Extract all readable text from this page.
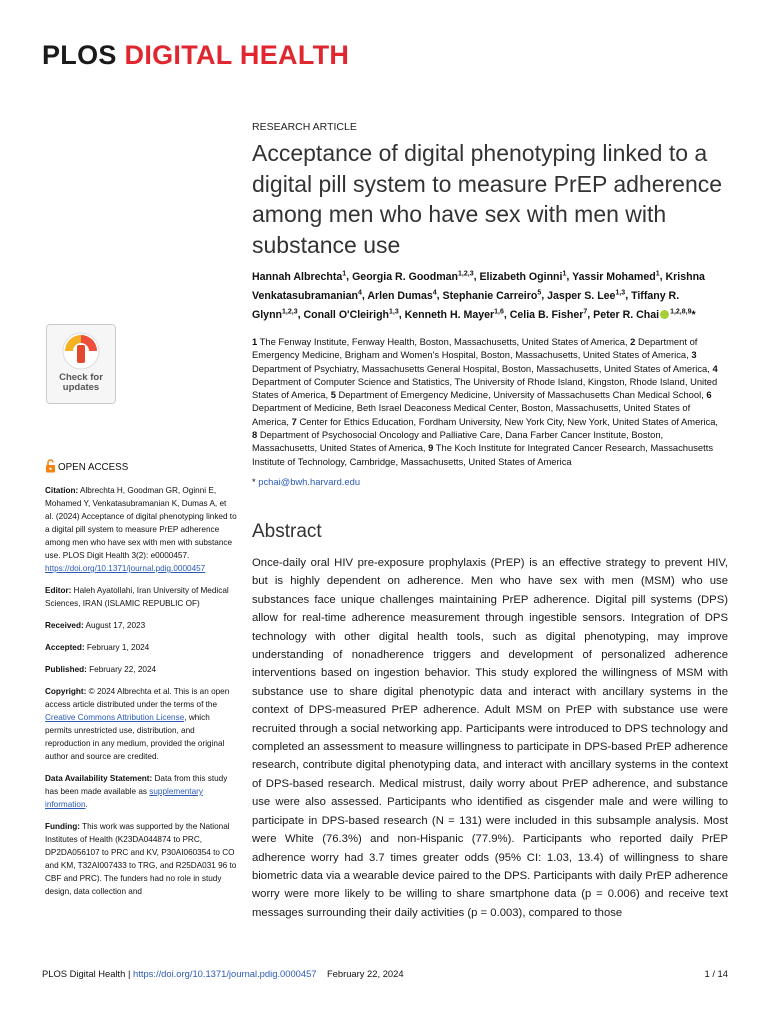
PLOS DIGITAL HEALTH
RESEARCH ARTICLE
Acceptance of digital phenotyping linked to a digital pill system to measure PrEP adherence among men who have sex with men with substance use
Hannah Albrechta$^1$, Georgia R. Goodman$^{1,2,3}$, Elizabeth Oginni$^1$, Yassir Mohamed$^1$, Krishna Venkatasubramanian$^4$, Arlen Dumas$^4$, Stephanie Carreiro$^5$, Jasper S. Lee$^{1,3}$, Tiffany R. Glynn$^{1,2,3}$, Conall O'Cleirigh$^{1,3}$, Kenneth H. Mayer$^{1,6}$, Celia B. Fisher$^7$, Peter R. Chai $^{1,2,8,9}$*
1 The Fenway Institute, Fenway Health, Boston, Massachusetts, United States of America, 2 Department of Emergency Medicine, Brigham and Women's Hospital, Boston, Massachusetts, United States of America, 3 Department of Psychiatry, Massachusetts General Hospital, Boston, Massachusetts, United States of America, 4 Department of Computer Science and Statistics, The University of Rhode Island, Kingston, Rhode Island, United States of America, 5 Department of Emergency Medicine, University of Massachusetts Chan Medical School, 6 Department of Medicine, Beth Israel Deaconess Medical Center, Boston, Massachusetts, United States of America, 7 Center for Ethics Education, Fordham University, New York City, New York, United States of America, 8 Department of Psychosocial Oncology and Palliative Care, Dana Farber Cancer Institute, Boston, Massachusetts, United States of America, 9 The Koch Institute for Integrated Cancer Research, Massachusetts Institute of Technology, Cambridge, Massachusetts, United States of America
* pchai@bwh.harvard.edu
Check for
updates
OPEN ACCESS

Citation: Albrechta H, Goodman GR, Oginni E, Mohamed Y, Venkatasubramanian K, Dumas A, et al. (2024) Acceptance of digital phenotyping linked to a digital pill system to measure PrEP adherence among men who have sex with men with substance use. PLOS Digit Health 3(2): e0000457. https://doi.org/10.1371/journal.pdig.0000457

Editor: Haleh Ayatollahi, Iran University of Medical Sciences, IRAN (ISLAMIC REPUBLIC OF)

Received: August 17, 2023

Accepted: February 1, 2024

Published: February 22, 2024

Copyright: © 2024 Albrechta et al. This is an open access article distributed under the terms of the Creative Commons Attribution License, which permits unrestricted use, distribution, and reproduction in any medium, provided the original author and source are credited.

Data Availability Statement: Data from this study has been made available as supplementary information.

Funding: This work was supported by the National Institutes of Health (K23DA044874 to PRC, DP2DA056107 to PRC and KV, P30AI060354 to CO and KM, T32AI007433 to TRG, and R25DA031 96 to CBF and PRC). The funders had no role in study design, data collection and

Abstract
Once-daily oral HIV pre-exposure prophylaxis (PrEP) is an effective strategy to prevent HIV, but is highly dependent on adherence. Men who have sex with men (MSM) who use substances face unique challenges maintaining PrEP adherence. Digital pill systems (DPS) allow for real-time adherence measurement through ingestible sensors. Integration of DPS technology with other digital health tools, such as digital phenotyping, may improve understanding of nonadherence triggers and development of personalized adherence interventions based on ingestion behavior. This study explored the willingness of MSM with substance use to share digital phenotypic data and interact with ancillary systems in the context of DPS-measured PrEP adherence. Adult MSM on PrEP with substance use were recruited through a social networking app. Participants were introduced to DPS technology and completed an assessment to measure willingness to participate in DPS-based PrEP adherence research, contribute digital phenotyping data, and interact with ancillary systems in the context of DPS-based research. Medical mistrust, daily worry about PrEP adherence, and substance use were also assessed. Participants who identified as cisgender male and were willing to participate in DPS-based research (N = 131) were included in this subsample analysis. Most were White (76.3%) and non-Hispanic (77.9%). Participants who reported daily PrEP adherence worry had 3.7 times greater odds (95% CI: 1.03, 13.4) of willingness to share biometric data via a wearable device paired to the DPS. Participants with daily PrEP adherence worry were more likely to be willing to share smartphone data (p = 0.006) and receive text messages surrounding their daily activities (p = 0.003), compared to those
PLOS Digital Health | https://doi.org/10.1371/journal.pdig.0000457 February 22, 2024	1 / 14
